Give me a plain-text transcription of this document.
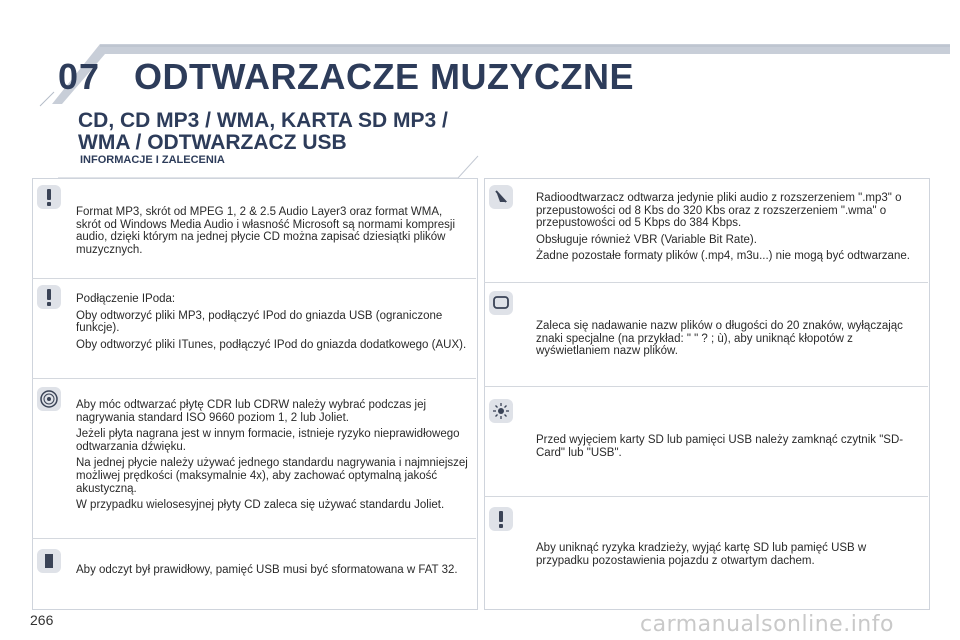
07 ODTWARZACZE MUZYCZNE
CD, CD MP3 / WMA, KARTA SD MP3 / WMA / ODTWARZACZ USB
INFORMACJE I ZALECENIA

Format MP3, skrót od MPEG 1, 2 & 2.5 Audio Layer3 oraz format WMA, skrót od Windows Media Audio i własność Microsoft są normami kompresji audio, dzięki którym na jednej płycie CD można zapisać dziesiątki plików muzycznych.

Podłączenie IPoda:

Oby odtworzyć pliki MP3, podłączyć IPod do gniazda USB (ograniczone funkcje).

Oby odtworzyć pliki ITunes, podłączyć IPod do gniazda dodatkowego (AUX).

Aby móc odtwarzać płytę CDR lub CDRW należy wybrać podczas jej nagrywania standard ISO 9660 poziom 1, 2 lub Joliet.

Jeżeli płyta nagrana jest w innym formacie, istnieje ryzyko nieprawidłowego odtwarzania dźwięku.

Na jednej płycie należy używać jednego standardu nagrywania i najmniejszej możliwej prędkości (maksymalnie 4x), aby zachować optymalną jakość akustyczną.

W przypadku wielosesyjnej płyty CD zaleca się używać standardu Joliet.

Aby odczyt był prawidłowy, pamięć USB musi być sformatowana w FAT 32.

Radioodtwarzacz odtwarza jedynie pliki audio z rozszerzeniem ".mp3" o przepustowości od 8 Kbs do 320 Kbs oraz z rozszerzeniem ".wma" o przepustowości od 5 Kbps do 384 Kbps.

Obsługuje również VBR (Variable Bit Rate).

Żadne pozostałe formaty plików (.mp4, m3u...) nie mogą być odtwarzane.

Zaleca się nadawanie nazw plików o długości do 20 znaków, wyłączając znaki specjalne (na przykład: " " ? ; ù), aby uniknąć kłopotów z wyświetlaniem nazw plików.

Przed wyjęciem karty SD lub pamięci USB należy zamknąć czytnik "SD-Card" lub "USB".

Aby uniknąć ryzyka kradzieży, wyjąć kartę SD lub pamięć USB w przypadku pozostawienia pojazdu z otwartym dachem.

266	carmanualsonline.info
